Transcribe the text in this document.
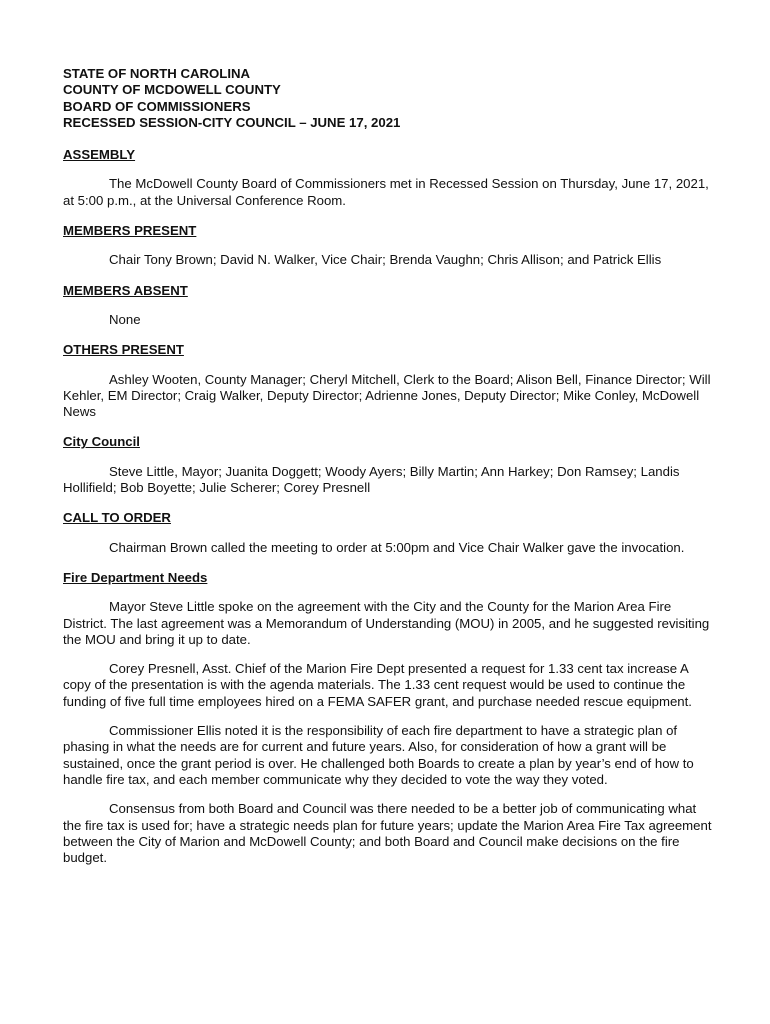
STATE OF NORTH CAROLINA
COUNTY OF MCDOWELL COUNTY
BOARD OF COMMISSIONERS
RECESSED SESSION-CITY COUNCIL – JUNE 17, 2021
ASSEMBLY

The McDowell County Board of Commissioners met in Recessed Session on Thursday, June 17, 2021, at 5:00 p.m., at the Universal Conference Room.

MEMBERS PRESENT

Chair Tony Brown; David N. Walker, Vice Chair; Brenda Vaughn; Chris Allison; and Patrick Ellis

MEMBERS ABSENT

None

OTHERS PRESENT

Ashley Wooten, County Manager; Cheryl Mitchell, Clerk to the Board; Alison Bell, Finance Director; Will Kehler, EM Director; Craig Walker, Deputy Director; Adrienne Jones, Deputy Director; Mike Conley, McDowell News

City Council

Steve Little, Mayor; Juanita Doggett; Woody Ayers; Billy Martin; Ann Harkey; Don Ramsey; Landis Hollifield; Bob Boyette; Julie Scherer; Corey Presnell

CALL TO ORDER

Chairman Brown called the meeting to order at 5:00pm and Vice Chair Walker gave the invocation.

Fire Department Needs

Mayor Steve Little spoke on the agreement with the City and the County for the Marion Area Fire District. The last agreement was a Memorandum of Understanding (MOU) in 2005, and he suggested revisiting the MOU and bring it up to date.

Corey Presnell, Asst. Chief of the Marion Fire Dept presented a request for 1.33 cent tax increase A copy of the presentation is with the agenda materials. The 1.33 cent request would be used to continue the funding of five full time employees hired on a FEMA SAFER grant, and purchase needed rescue equipment.

Commissioner Ellis noted it is the responsibility of each fire department to have a strategic plan of phasing in what the needs are for current and future years. Also, for consideration of how a grant will be sustained, once the grant period is over. He challenged both Boards to create a plan by year’s end of how to handle fire tax, and each member communicate why they decided to vote the way they voted.

Consensus from both Board and Council was there needed to be a better job of communicating what the fire tax is used for; have a strategic needs plan for future years; update the Marion Area Fire Tax agreement between the City of Marion and McDowell County; and both Board and Council make decisions on the fire budget.
